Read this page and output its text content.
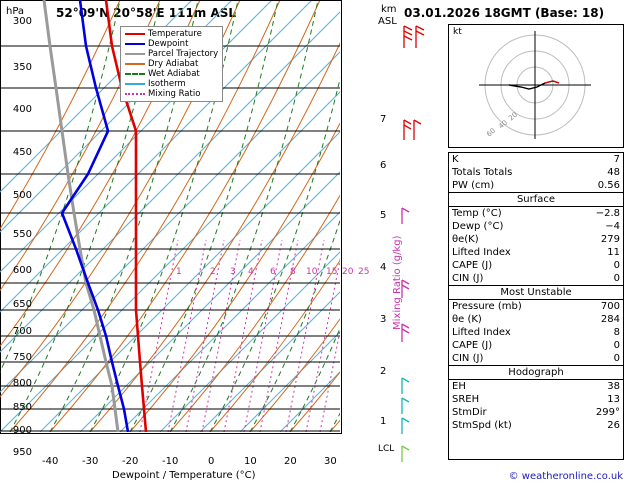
hPa	52°09'N 20°58'E 111m ASL	km
ASL
03.01.2026 18GMT (Base: 18)
300
350
400
450
500
550
600
650
700
750
800
850
900
950
7
6
5
4
3
2
1
LCL
1	2 3 4 6 8 10 15 20 25 Mixing Ratio (g/kg)
-40 -30 -20 -10	0	10	20	30
Dewpoint / Temperature (°C)
Temperature
Dewpoint
Parcel Trajectory
Dry Adiabat
Wet Adiabat
Isotherm
Mixing Ratio
20
40
60
kt
K	7
Totals Totals	48
PW (cm)	0.56
Surface	
Temp (°C)	−2.8
Dewp (°C)	−4
θe(K)	279
Lifted Index	11
CAPE (J)	0
CIN (J)	0
Most Unstable	
Pressure (mb)	700
θe (K)	284
Lifted Index	8
CAPE (J)	0
CIN (J)	0
Hodograph	
EH	38
SREH	13
StmDir	299°
StmSpd (kt)	26
© weatheronline.co.uk
